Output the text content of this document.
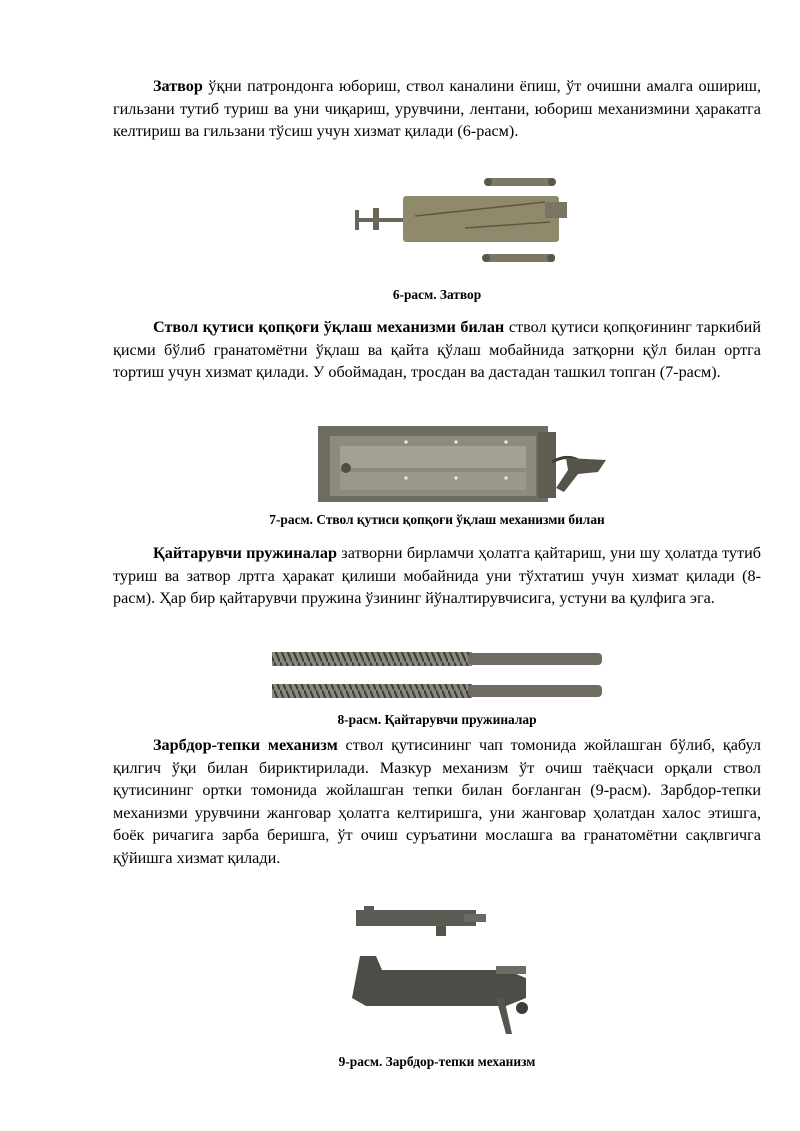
Затвор ўқни патрондонга юбориш, ствол каналини ёпиш, ўт очишни амалга ошириш, гильзани тутиб туриш ва уни чиқариш, урувчини, лентани, юбориш механизмини ҳаракатга келтириш ва гильзани тўсиш учун хизмат қилади (6-расм).

6-расм. Затвор

Ствол қутиси қопқоғи ўқлаш механизми билан ствол қутиси қопқоғининг таркибий қисми бўлиб гранатомётни ўқлаш ва қайта қўлаш мобайнида затқорни қўл билан ортга тортиш учун хизмат қилади. У обоймадан, тросдан ва дастадан ташкил топган (7-расм).

7-расм. Ствол қутиси қопқоғи ўқлаш механизми билан

Қайтарувчи пружиналар затворни бирламчи ҳолатга қайтариш, уни шу ҳолатда тутиб туриш ва затвор лртга ҳаракат қилиши мобайнида уни тўхтатиш учун хизмат қилади (8-расм). Ҳар бир қайтарувчи пружина ўзининг йўналтирувчисига, устуни ва қулфига эга.

8-расм. Қайтарувчи пружиналар

Зарбдор-тепки механизм ствол қутисининг чап томонида жойлашган бўлиб, қабул қилгич ўқи билан бириктирилади. Мазкур механизм ўт очиш таёқчаси орқали ствол қутисининг ортки томонида жойлашган тепки билан боғланган (9-расм). Зарбдор-тепки механизми урувчини жанговар ҳолатга келтиришга, уни жанговар ҳолатдан халос этишга, боёк ричагига зарба беришга, ўт очиш суръатини мослашга ва гранатомётни сақлвгичга қўйишга хизмат қилади.

9-расм. Зарбдор-тепки механизм
